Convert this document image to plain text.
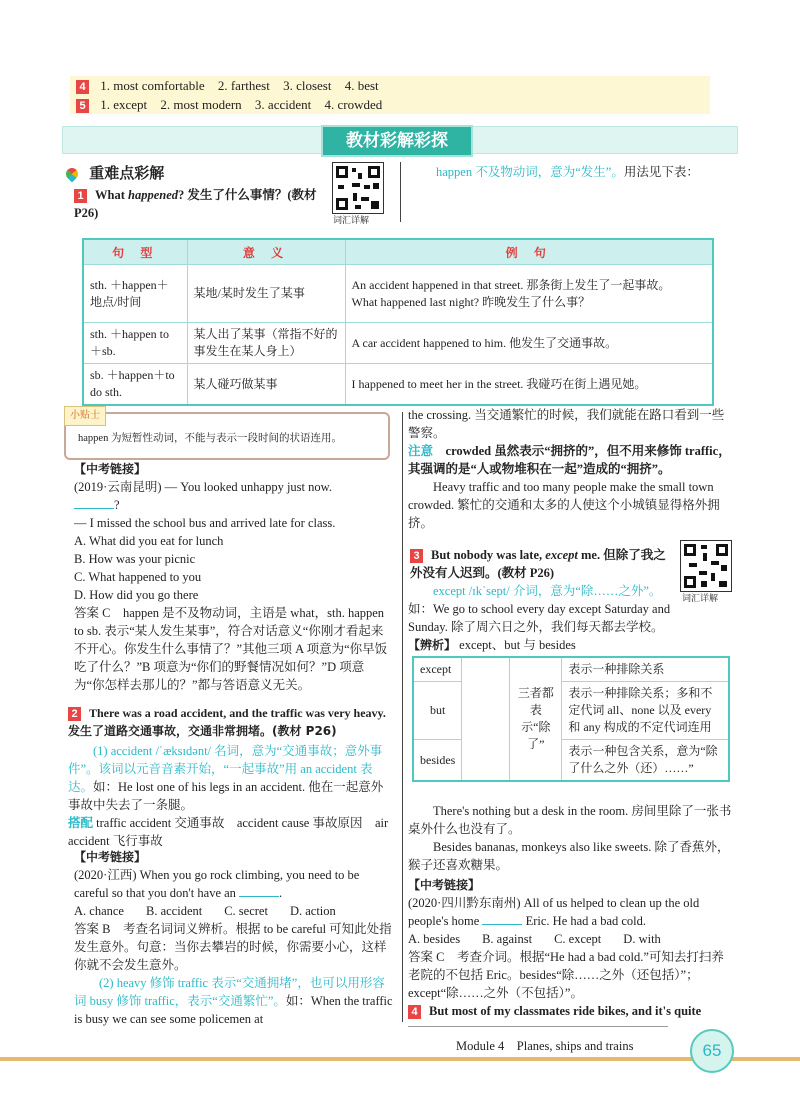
4 1. most comfortable 2. farthest 3. closest 4. best
5 1. except 2. most modern 3. accident 4. crowded
教材彩解彩探
重难点彩解
1 What happened? 发生了什么事情？(教材 P26)
词汇详解
happen 不及物动词，意为“发生”。用法见下表：
句 型	意 义	例 句
sth. ＋happen＋地点/时间	某地/某时发生了某事	An accident happened in that street. 那条街上发生了一起事故。
What happened last night? 昨晚发生了什么事？
sth. ＋happen to＋sb.	某人出了某事（常指不好的事发生在某人身上）	A car accident happened to him. 他发生了交通事故。
sb. ＋happen＋to do sth.	某人碰巧做某事	I happened to meet her in the street. 我碰巧在街上遇见她。
小贴士
happen 为短暂性动词，不能与表示一段时间的状语连用。
【中考链接】
(2019·云南昆明) — You looked unhappy just now.
?
— I missed the school bus and arrived late for class.
A. What did you eat for lunch
B. How was your picnic
C. What happened to you
D. How did you go there
答案 C　happen 是不及物动词，主语是 what，sth. happen to sb. 表示“某人发生某事”，符合对话意义“你刚才看起来不开心。你发生什么事情了？”其他三项 A 项意为“你早饭吃了什么？”B 项意为“你们的野餐情况如何？”D 项意为“你怎样去那儿的？”都与答语意义无关。
2 There was a road accident, and the traffic was very heavy.
发生了道路交通事故，交通非常拥堵。(教材 P26)
(1) accident /ˈæksɪdənt/ 名词，意为“交通事故；意外事件”。该词以元音音素开始，“一起事故”用 an accident 表达。如：He lost one of his legs in an accident. 他在一起意外事故中失去了一条腿。
搭配 traffic accident 交通事故　accident cause 事故原因　air accident 飞行事故
【中考链接】
(2020·江西) When you go rock climbing, you need to be careful so that you don't have an	.
A. chance B. accident C. secret D. action
答案 B　考查名词词义辨析。根据 to be careful 可知此处指发生意外。句意：当你去攀岩的时候，你需要小心，这样你就不会发生意外。
(2) heavy 修饰 traffic 表示“交通拥堵”，也可以用形容词 busy 修饰 traffic，表示“交通繁忙”。如：When the traffic is busy we can see some policemen at
the crossing. 当交通繁忙的时候，我们就能在路口看到一些警察。
注意　 crowded 虽然表示“拥挤的”，但不用来修饰 traffic，其强调的是“人或物堆积在一起”造成的“拥挤”。
Heavy traffic and too many people make the small town crowded. 繁忙的交通和太多的人使这个小城镇显得格外拥挤。
3 But nobody was late, except me. 但除了我之外没有人迟到。(教材 P26)
词汇详解
except /ɪkˈsept/ 介词，意为“除……之外”。如：We go to school every day except Saturday and Sunday. 除了周六日之外，我们每天都去学校。
【辨析】 except、but 与 besides
except		三者都表示“除了”	表示一种排除关系
but			表示一种排除关系；多和不定代词 all、none 以及 every 和 any 构成的不定代词连用
besides			表示一种包含关系，意为“除了什么之外（还）……”
There's nothing but a desk in the room. 房间里除了一张书桌外什么也没有了。
Besides bananas, monkeys also like sweets. 除了香蕉外，猴子还喜欢糖果。
【中考链接】
(2020·四川黔东南州) All of us helped to clean up the old people's home	Eric. He had a bad cold.
A. besides B. against C. except D. with
答案 C　考查介词。根据“He had a bad cold.”可知去打扫养老院的不包括 Eric。besides“除……之外（还包括）”；except“除……之外（不包括）”。
4 But most of my classmates ride bikes, and it's quite
Module 4　 Planes, ships and trains	65
